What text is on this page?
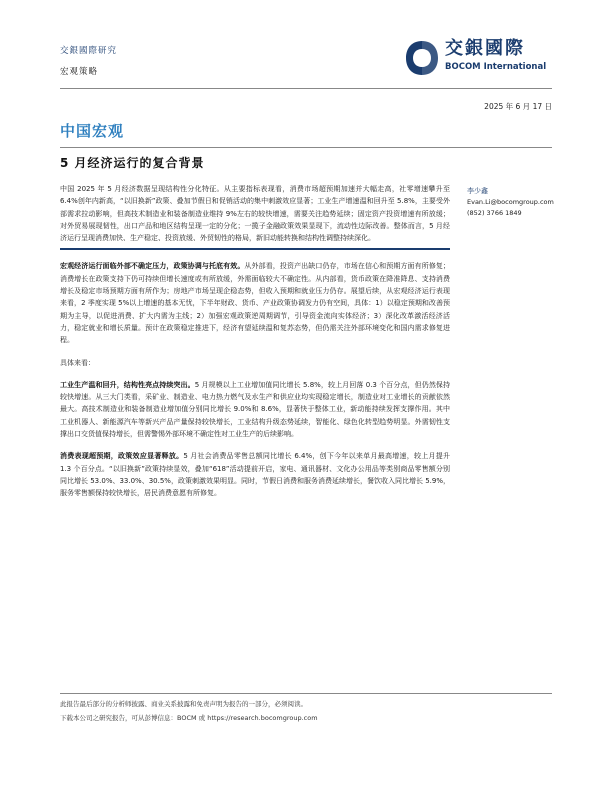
交銀國際研究
宏观策略
交銀國際
BOCOM International
2025 年 6 月 17 日
中国宏观
5 月经济运行的复合背景
李少鑫
Evan.Li@bocomgroup.com
(852) 3766 1849
中国 2025 年 5 月经济数据呈现结构性分化特征。从主要指标表现看，消费市场超预期加速并大幅走高，社零增速攀升至 6.4%创年内新高，“以旧换新”政策、叠加节假日和促销活动的集中刺激效应显著；工业生产增速温和回升至 5.8%，主要受外部需求拉动影响，但高技术制造业和装备制造业维持 9%左右的较快增速，需要关注趋势延续；固定资产投资增速有所放缓；对外贸易展现韧性，出口产品和地区结构呈现一定的分化；一揽子金融政策效果显现下，流动性边际改善。整体而言，5 月经济运行呈现消费加快、生产稳定、投资放缓、外贸韧性的格局，新旧动能转换和结构性调整持续深化。

宏观经济运行面临外部不确定压力，政策协调与托底有效。从外部看，投资产出缺口仍存，市场在信心和预期方面有所修复；消费增长在政策支持下仍可持续但增长速度或有所放缓，外需面临较大不确定性。从内部看，货币政策在降准降息、支持消费增长及稳定市场预期方面有所作为；房地产市场呈现企稳态势，但收入预期和就业压力仍存。展望后续，从宏观经济运行表现来看，2 季度实现 5%以上增速的基本无忧，下半年财政、货币、产业政策协调发力仍有空间，具体：1）以稳定预期和改善预期为主导，以促进消费、扩大内需为主线；2）加强宏观政策逆周期调节，引导资金流向实体经济；3）深化改革激活经济活力，稳定就业和增长质量。预计在政策稳定推进下，经济有望延续温和复苏态势，但仍需关注外部环境变化和国内需求修复进程。

具体来看：

工业生产温和回升，结构性亮点持续突出。5 月规模以上工业增加值同比增长 5.8%，较上月回落 0.3 个百分点，但仍然保持较快增速。从三大门类看，采矿业、制造业、电力热力燃气及水生产和供应业均实现稳定增长，制造业对工业增长的贡献依然最大。高技术制造业和装备制造业增加值分别同比增长 9.0%和 8.6%，显著快于整体工业，新动能持续发挥支撑作用。其中工业机器人、新能源汽车等新兴产品产量保持较快增长，工业结构升级态势延续，智能化、绿色化转型趋势明显。外需韧性支撑出口交货值保持增长，但需警惕外部环境不确定性对工业生产的后续影响。

消费表现超预期，政策效应显著释放。5 月社会消费品零售总额同比增长 6.4%，创下今年以来单月最高增速，较上月提升 1.3 个百分点。“以旧换新”政策持续显效，叠加“618”活动提前开启，家电、通讯器材、文化办公用品等类别商品零售额分别同比增长 53.0%、33.0%、30.5%，政策刺激效果明显。同时，节假日消费和服务消费延续增长，餐饮收入同比增长 5.9%，服务零售额保持较快增长，居民消费意愿有所修复。

此报告最后部分的分析师披露、商业关系披露和免责声明为报告的一部分，必须阅读。
下载本公司之研究报告，可从彭博信息：BOCM 或 https://research.bocomgroup.com
